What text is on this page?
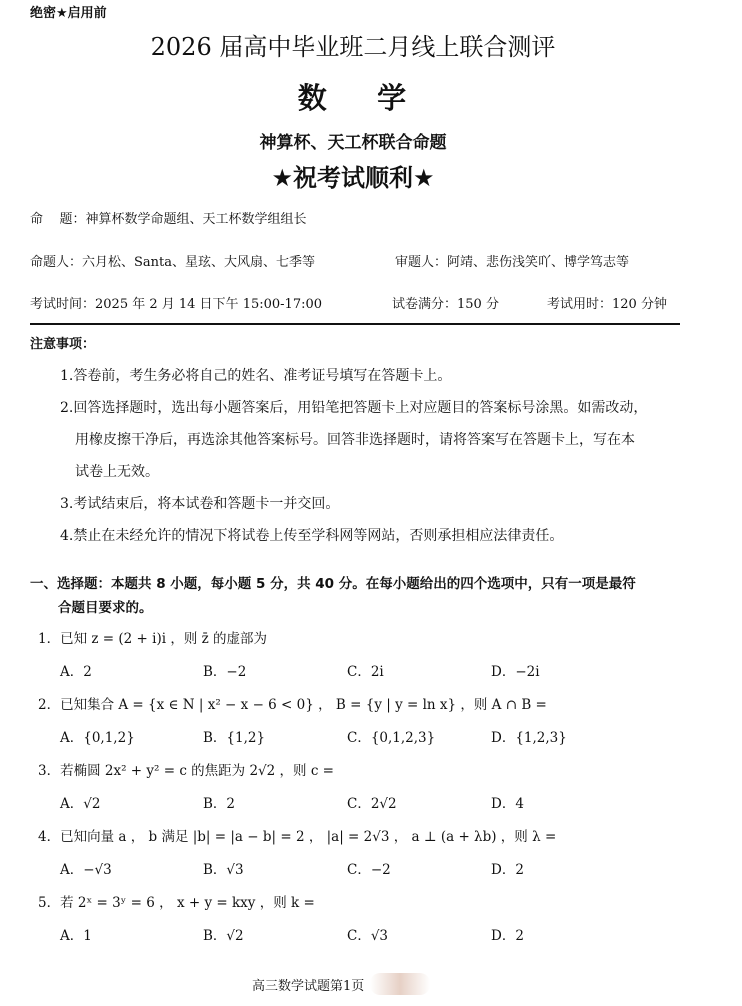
绝密★启用前
2026 届高中毕业班二月线上联合测评
数    学
神算杯、天工杯联合命题
★祝考试顺利★
命    题：神算杯数学命题组、天工杯数学组组长
命题人：六月松、Santa、星玹、大风扇、七季等	审题人：阿靖、悲伤浅笑吖、博学笃志等
考试时间：2025 年 2 月 14 日下午 15:00-17:00	试卷满分：150 分	考试用时：120 分钟
注意事项：
1.答卷前，考生务必将自己的姓名、准考证号填写在答题卡上。
2.回答选择题时，选出每小题答案后，用铅笔把答题卡上对应题目的答案标号涂黑。如需改动，
用橡皮擦干净后，再选涂其他答案标号。回答非选择题时，请将答案写在答题卡上，写在本
试卷上无效。
3.考试结束后，将本试卷和答题卡一并交回。
4.禁止在未经允许的情况下将试卷上传至学科网等网站，否则承担相应法律责任。
一、选择题：本题共 8 小题，每小题 5 分，共 40 分。在每小题给出的四个选项中，只有一项是最符
合题目要求的。
1．已知 z = (2 + i)i ，则 z̄ 的虚部为
A．2	B．−2	C．2i	D．−2i
2．已知集合 A = {x ∈ N | x² − x − 6 < 0} ， B = {y | y = ln x} ，则 A ∩ B =
A．{0,1,2}	B．{1,2}	C．{0,1,2,3}	D．{1,2,3}
3．若椭圆 2x² + y² = c 的焦距为 2√2 ，则 c =
A．√2	B．2	C．2√2	D．4
4．已知向量 a ， b 满足 |b| = |a − b| = 2 ， |a| = 2√3 ， a ⊥ (a + λb) ，则 λ =
A．−√3	B．√3	C．−2	D．2
5．若 2ˣ = 3ʸ = 6 ， x + y = kxy ，则 k =
A．1	B．√2	C．√3	D．2
高三数学试题第1页
